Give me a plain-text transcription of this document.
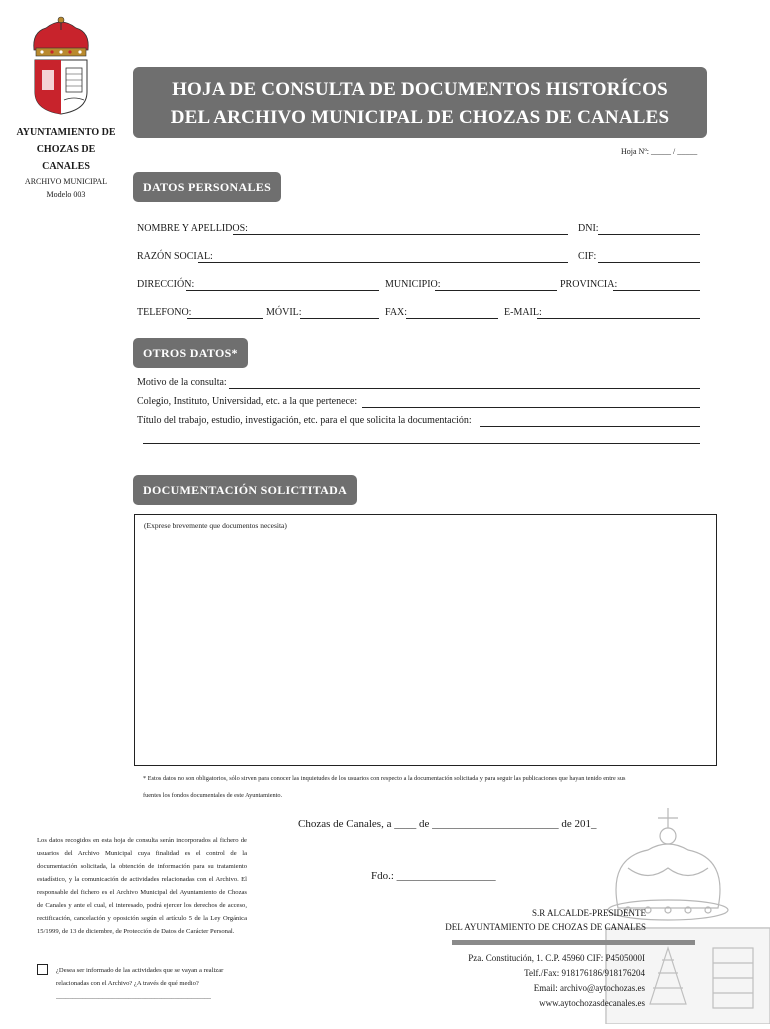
AYUNTAMIENTO DE
CHOZAS DE CANALES
ARCHIVO MUNICIPAL
Modelo 003
HOJA DE CONSULTA DE DOCUMENTOS HISTORÍCOS
DEL ARCHIVO MUNICIPAL DE CHOZAS DE CANALES
Hoja Nº: _____ / _____
DATOS PERSONALES
NOMBRE Y APELLIDOS:	DNI:
RAZÓN SOCIAL:	CIF:
DIRECCIÓN:	MUNICIPIO:	PROVINCIA:
TELEFONO:	MÓVIL:	FAX:	E-MAIL:
OTROS DATOS*
Motivo de la consulta:
Colegio, Instituto, Universidad, etc. a la que pertenece:
Título del trabajo, estudio, investigación, etc. para el que solicita la documentación:
DOCUMENTACIÓN SOLICTITADA
(Exprese brevemente que documentos necesita)
* Estos datos no son obligatorios, sólo sirven para conocer las inquietudes de los usuarios con respecto a la documentación solicitada y para seguir las publicaciones que hayan tenido entre sus
fuentes los fondos documentales de este Ayuntamiento.
Chozas de Canales, a ____ de _______________________ de 201_
Fdo.: __________________
S.R ALCALDE-PRESIDENTE
DEL AYUNTAMIENTO DE CHOZAS DE CANALES
Pza. Constitución, 1. C.P. 45960 CIF: P4505000I
Telf./Fax: 918176186/918176204
Email: archivo@aytochozas.es
www.aytochozasdecanales.es
Los datos recogidos en esta hoja de consulta serán incorporados al fichero de usuarios del Archivo Municipal cuya finalidad es el control de la documentación solicitada, la obtención de información para su tratamiento estadístico, y la comunicación de actividades relacionadas con el Archivo. El responsable del fichero es el Archivo Municipal del Ayuntamiento de Chozas de Canales y ante el cual, el interesado, podrá ejercer los derechos de acceso, rectificación, cancelación y oposición según el artículo 5 de la Ley Orgánica 15/1999, de 13 de diciembre, de Protección de Datos de Carácter Personal.
¿Desea ser informado de las actividades que se vayan a realizar
relacionadas con el Archivo? ¿A través de qué medio?
_______________________________________________
